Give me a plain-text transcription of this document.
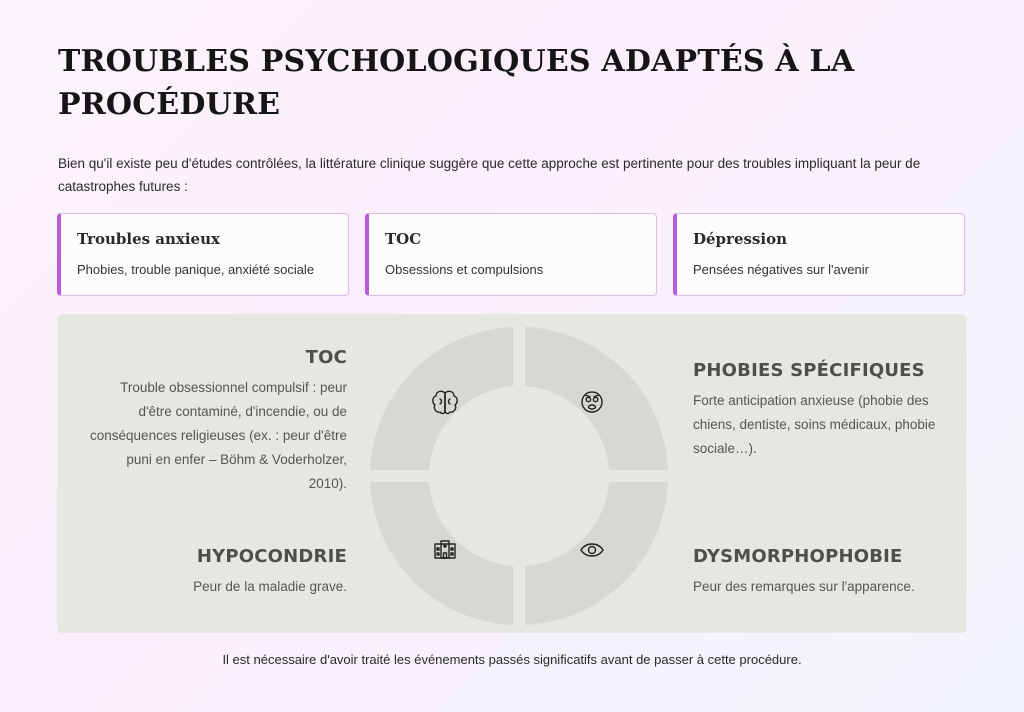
TROUBLES PSYCHOLOGIQUES ADAPTÉS À LA PROCÉDURE

Bien qu'il existe peu d'études contrôlées, la littérature clinique suggère que cette approche est pertinente pour des troubles impliquant la peur de catastrophes futures :

Troubles anxieux
Phobies, trouble panique, anxiété sociale
TOC
Obsessions et compulsions
Dépression
Pensées négatives sur l'avenir
TOC
Trouble obsessionnel compulsif : peur d'être contaminé, d'incendie, ou de conséquences religieuses (ex. : peur d'être puni en enfer – Böhm & Voderholzer, 2010).
PHOBIES SPÉCIFIQUES
Forte anticipation anxieuse (phobie des chiens, dentiste, soins médicaux, phobie sociale…).
HYPOCONDRIE
Peur de la maladie grave.
DYSMORPHOPHOBIE
Peur des remarques sur l'apparence.

Il est nécessaire d'avoir traité les événements passés significatifs avant de passer à cette procédure.
